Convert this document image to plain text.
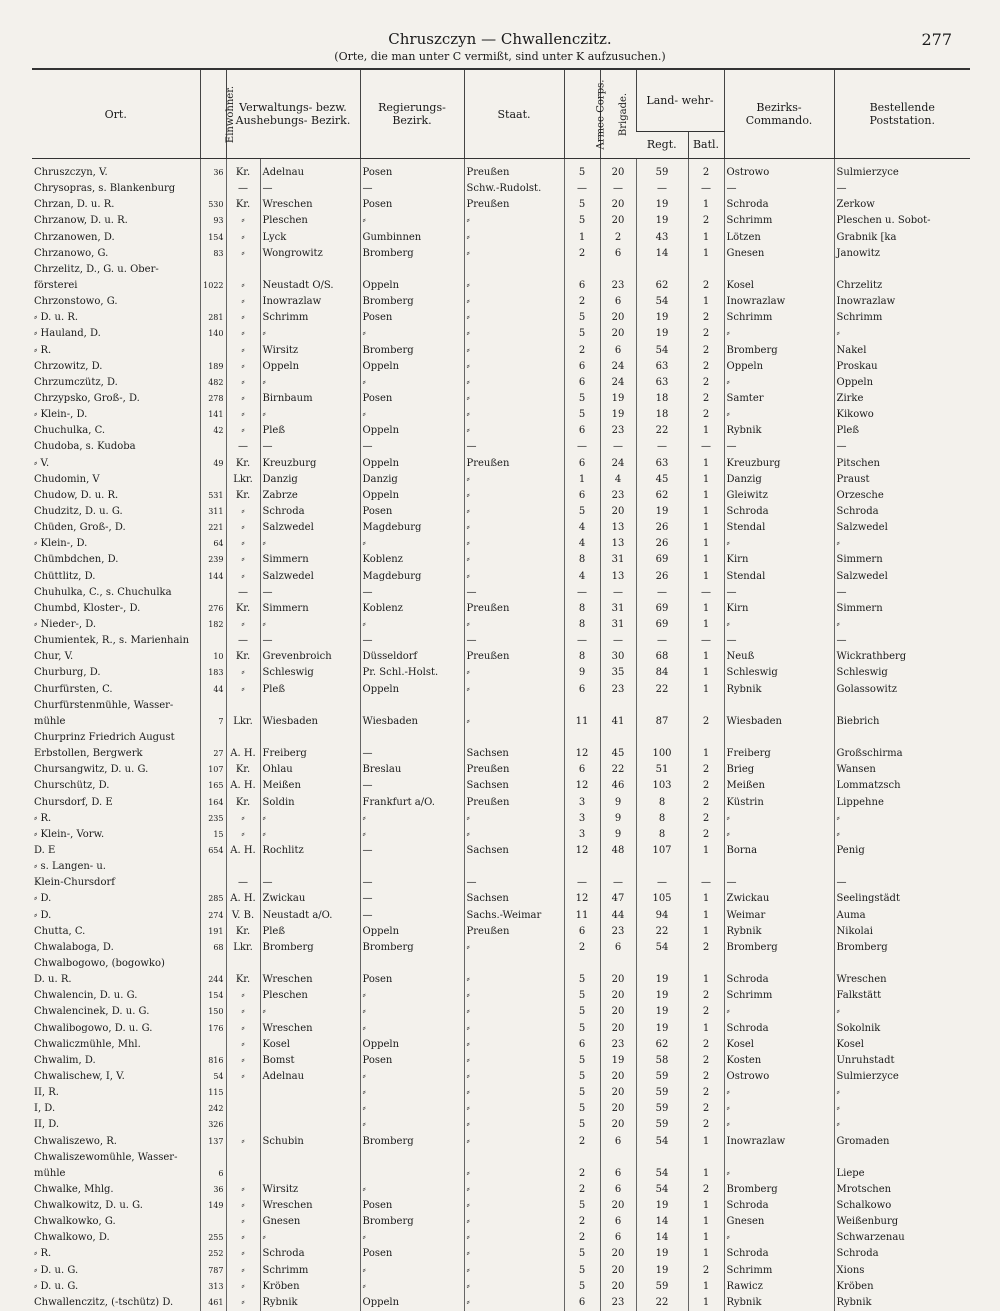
Chruszczyn — Chwallenczitz.
(Orte, die man unter C vermißt, sind unter K aufzusuchen.)
277
Ort.	Einwohner.	Verwaltungs- bezw. Aushebungs- Bezirk.		Regierungs- Bezirk.	Staat.	Armee-Corps.	Brigade.	Land- wehr-		Bezirks- Commando.	Bestellende Poststation.
								Regt.	Batl.		
Chruszczyn, V.	36	Kr.	Adelnau	Posen	Preußen	5	20	59	2	Ostrowo	Sulmierzyce
Chrysopras, s. Blankenburg		—	—	—	Schw.-Rudolst.	—	—	—	—	—	—
Chrzan, D. u. R.	530	Kr.	Wreschen	Posen	Preußen	5	20	19	1	Schroda	Zerkow
Chrzanow, D. u. R.	93	⸗	Pleschen	⸗	⸗	5	20	19	2	Schrimm	Pleschen u. Sobot-
Chrzanowen, D.	154	⸗	Lyck	Gumbinnen	⸗	1	2	43	1	Lötzen	Grabnik [ka
Chrzanowo, G.	83	⸗	Wongrowitz	Bromberg	⸗	2	6	14	1	Gnesen	Janowitz
Chrzelitz, D., G. u. Ober-											
försterei	1022	⸗	Neustadt O/S.	Oppeln	⸗	6	23	62	2	Kosel	Chrzelitz
Chrzonstowo, G.		⸗	Inowrazlaw	Bromberg	⸗	2	6	54	1	Inowrazlaw	Inowrazlaw
⸗ D. u. R.	281	⸗	Schrimm	Posen	⸗	5	20	19	2	Schrimm	Schrimm
⸗ Hauland, D.	140	⸗	⸗	⸗	⸗	5	20	19	2	⸗	⸗
⸗ R.		⸗	Wirsitz	Bromberg	⸗	2	6	54	2	Bromberg	Nakel
Chrzowitz, D.	189	⸗	Oppeln	Oppeln	⸗	6	24	63	2	Oppeln	Proskau
Chrzumczütz, D.	482	⸗	⸗	⸗	⸗	6	24	63	2	⸗	Oppeln
Chrzypsko, Groß-, D.	278	⸗	Birnbaum	Posen	⸗	5	19	18	2	Samter	Zirke
⸗ Klein-, D.	141	⸗	⸗	⸗	⸗	5	19	18	2	⸗	Kikowo
Chuchulka, C.	42	⸗	Pleß	Oppeln	⸗	6	23	22	1	Rybnik	Pleß
Chudoba, s. Kudoba		—	—	—	—	—	—	—	—	—	—
⸗ V.	49	Kr.	Kreuzburg	Oppeln	Preußen	6	24	63	1	Kreuzburg	Pitschen
Chudomin, V		Lkr.	Danzig	Danzig	⸗	1	4	45	1	Danzig	Praust
Chudow, D. u. R.	531	Kr.	Zabrze	Oppeln	⸗	6	23	62	1	Gleiwitz	Orzesche
Chudzitz, D. u. G.	311	⸗	Schroda	Posen	⸗	5	20	19	1	Schroda	Schroda
Chüden, Groß-, D.	221	⸗	Salzwedel	Magdeburg	⸗	4	13	26	1	Stendal	Salzwedel
⸗ Klein-, D.	64	⸗	⸗	⸗	⸗	4	13	26	1	⸗	⸗
Chümbdchen, D.	239	⸗	Simmern	Koblenz	⸗	8	31	69	1	Kirn	Simmern
Chüttlitz, D.	144	⸗	Salzwedel	Magdeburg	⸗	4	13	26	1	Stendal	Salzwedel
Chuhulka, C., s. Chuchulka		—	—	—	—	—	—	—	—	—	—
Chumbd, Kloster-, D.	276	Kr.	Simmern	Koblenz	Preußen	8	31	69	1	Kirn	Simmern
⸗ Nieder-, D.	182	⸗	⸗	⸗	⸗	8	31	69	1	⸗	⸗
Chumientek, R., s. Marienhain		—	—	—	—	—	—	—	—	—	—
Chur, V.	10	Kr.	Grevenbroich	Düsseldorf	Preußen	8	30	68	1	Neuß	Wickrathberg
Churburg, D.	183	⸗	Schleswig	Pr. Schl.-Holst.	⸗	9	35	84	1	Schleswig	Schleswig
Churfürsten, C.	44	⸗	Pleß	Oppeln	⸗	6	23	22	1	Rybnik	Golassowitz
Churfürstenmühle, Wasser-											
mühle	7	Lkr.	Wiesbaden	Wiesbaden	⸗	11	41	87	2	Wiesbaden	Biebrich
Churprinz Friedrich August											
Erbstollen, Bergwerk	27	A. H.	Freiberg	—	Sachsen	12	45	100	1	Freiberg	Großschirma
Chursangwitz, D. u. G.	107	Kr.	Ohlau	Breslau	Preußen	6	22	51	2	Brieg	Wansen
Churschütz, D.	165	A. H.	Meißen	—	Sachsen	12	46	103	2	Meißen	Lommatzsch
Chursdorf, D. E	164	Kr.	Soldin	Frankfurt a/O.	Preußen	3	9	8	2	Küstrin	Lippehne
⸗ R.	235	⸗	⸗	⸗	⸗	3	9	8	2	⸗	⸗
⸗ Klein-, Vorw.	15	⸗	⸗	⸗	⸗	3	9	8	2	⸗	⸗
D. E	654	A. H.	Rochlitz	—	Sachsen	12	48	107	1	Borna	Penig
⸗ s. Langen- u.											
Klein-Chursdorf		—	—	—	—	—	—	—	—	—	—
⸗ D.	285	A. H.	Zwickau	—	Sachsen	12	47	105	1	Zwickau	Seelingstädt
⸗ D.	274	V. B.	Neustadt a/O.	—	Sachs.-Weimar	11	44	94	1	Weimar	Auma
Chutta, C.	191	Kr.	Pleß	Oppeln	Preußen	6	23	22	1	Rybnik	Nikolai
Chwalaboga, D.	68	Lkr.	Bromberg	Bromberg	⸗	2	6	54	2	Bromberg	Bromberg
Chwalbogowo, (bogowko)											
D. u. R.	244	Kr.	Wreschen	Posen	⸗	5	20	19	1	Schroda	Wreschen
Chwalencin, D. u. G.	154	⸗	Pleschen	⸗	⸗	5	20	19	2	Schrimm	Falkstätt
Chwalencinek, D. u. G.	150	⸗	⸗	⸗	⸗	5	20	19	2	⸗	⸗
Chwalibogowo, D. u. G.	176	⸗	Wreschen	⸗	⸗	5	20	19	1	Schroda	Sokolnik
Chwaliczmühle, Mhl.		⸗	Kosel	Oppeln	⸗	6	23	62	2	Kosel	Kosel
Chwalim, D.	816	⸗	Bomst	Posen	⸗	5	19	58	2	Kosten	Unruhstadt
Chwalischew, I, V.	54	⸗	Adelnau	⸗	⸗	5	20	59	2	Ostrowo	Sulmierzyce
II, R.	115			⸗	⸗	5	20	59	2	⸗	⸗
I, D.	242			⸗	⸗	5	20	59	2	⸗	⸗
II, D.	326			⸗	⸗	5	20	59	2	⸗	⸗
Chwaliszewo, R.	137	⸗	Schubin	Bromberg	⸗	2	6	54	1	Inowrazlaw	Gromaden
Chwaliszewomühle, Wasser-											
mühle	6				⸗	2	6	54	1	⸗	Liepe
Chwalke, Mhlg.	36	⸗	Wirsitz	⸗	⸗	2	6	54	2	Bromberg	Mrotschen
Chwalkowitz, D. u. G.	149	⸗	Wreschen	Posen	⸗	5	20	19	1	Schroda	Schalkowo
Chwalkowko, G.		⸗	Gnesen	Bromberg	⸗	2	6	14	1	Gnesen	Weißenburg
Chwalkowo, D.	255	⸗	⸗	⸗	⸗	2	6	14	1	⸗	Schwarzenau
⸗ R.	252	⸗	Schroda	Posen	⸗	5	20	19	1	Schroda	Schroda
⸗ D. u. G.	787	⸗	Schrimm	⸗	⸗	5	20	19	2	Schrimm	Xions
⸗ D. u. G.	313	⸗	Kröben	⸗	⸗	5	20	59	1	Rawicz	Kröben
Chwallenczitz, (-tschütz) D.	461	⸗	Rybnik	Oppeln	⸗	6	23	22	1	Rybnik	Rybnik
